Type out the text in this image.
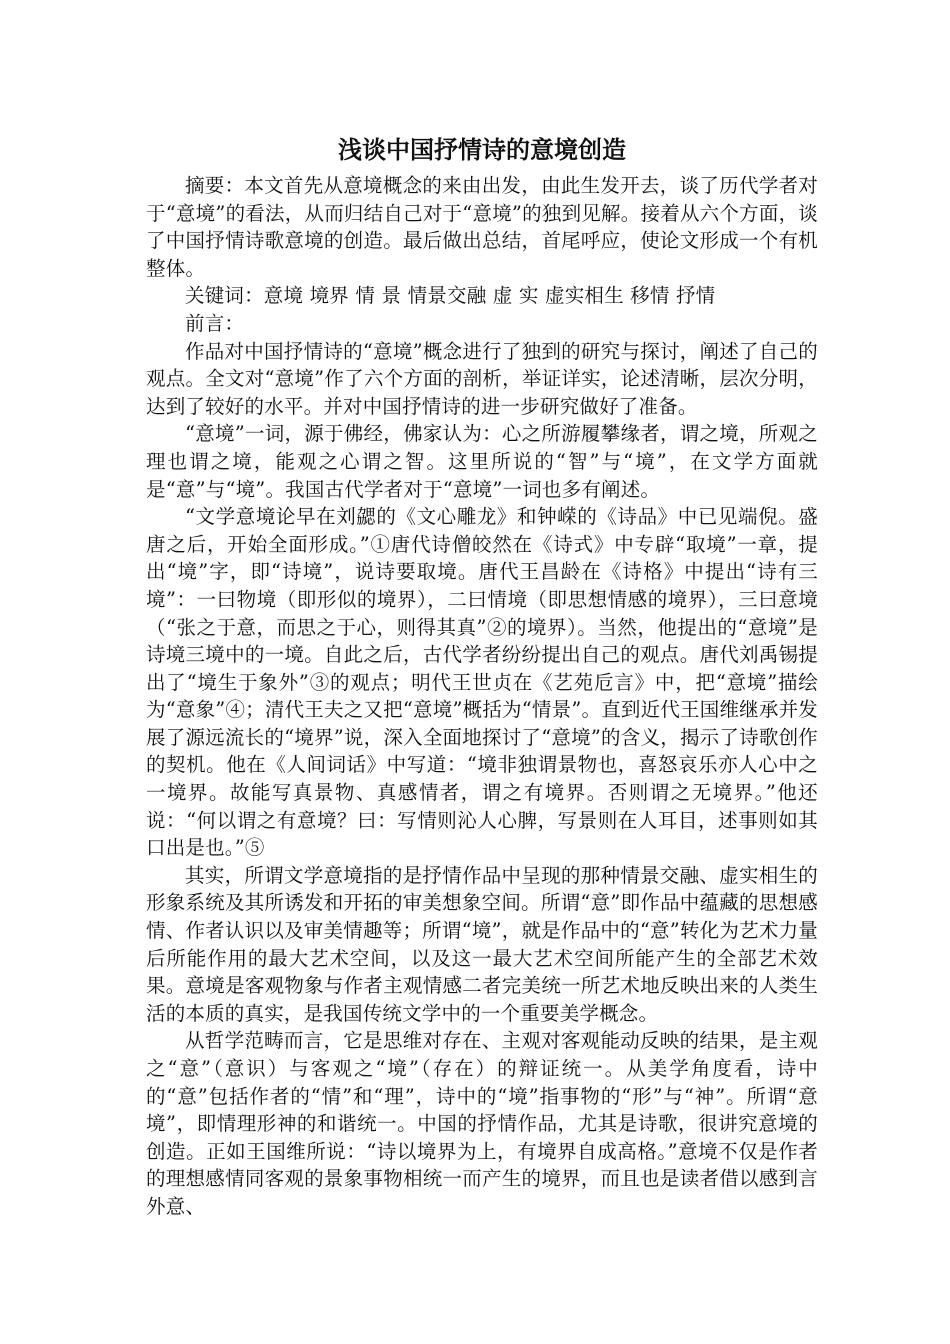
浅谈中国抒情诗的意境创造

摘要：本文首先从意境概念的来由出发，由此生发开去，谈了历代学者对于“意境”的看法，从而归结自己对于“意境”的独到见解。接着从六个方面，谈了中国抒情诗歌意境的创造。最后做出总结，首尾呼应，使论文形成一个有机整体。

关键词：意境 境界 情 景 情景交融 虚 实 虚实相生 移情 抒情

前言：

作品对中国抒情诗的“意境”概念进行了独到的研究与探讨，阐述了自己的观点。全文对“意境”作了六个方面的剖析，举证详实，论述清晰，层次分明，达到了较好的水平。并对中国抒情诗的进一步研究做好了准备。

“意境”一词，源于佛经，佛家认为：心之所游履攀缘者，谓之境，所观之理也谓之境，能观之心谓之智。这里所说的“智”与“境”，在文学方面就是“意”与“境”。我国古代学者对于“意境”一词也多有阐述。

“文学意境论早在刘勰的《文心雕龙》和钟嵘的《诗品》中已见端倪。盛唐之后，开始全面形成。”①唐代诗僧皎然在《诗式》中专辟“取境”一章，提出“境”字，即“诗境”，说诗要取境。唐代王昌龄在《诗格》中提出“诗有三境”：一曰物境（即形似的境界），二曰情境（即思想情感的境界），三曰意境（“张之于意，而思之于心，则得其真”②的境界）。当然，他提出的“意境”是诗境三境中的一境。自此之后，古代学者纷纷提出自己的观点。唐代刘禹锡提出了“境生于象外”③的观点；明代王世贞在《艺苑卮言》中，把“意境”描绘为“意象”④；清代王夫之又把“意境”概括为“情景”。直到近代王国维继承并发展了源远流长的“境界”说，深入全面地探讨了“意境”的含义，揭示了诗歌创作的契机。他在《人间词话》中写道：“境非独谓景物也，喜怒哀乐亦人心中之一境界。故能写真景物、真感情者，谓之有境界。否则谓之无境界。”他还说：“何以谓之有意境？曰：写情则沁人心脾，写景则在人耳目，述事则如其口出是也。”⑤

其实，所谓文学意境指的是抒情作品中呈现的那种情景交融、虚实相生的形象系统及其所诱发和开拓的审美想象空间。所谓“意”即作品中蕴藏的思想感情、作者认识以及审美情趣等；所谓“境”，就是作品中的“意”转化为艺术力量后所能作用的最大艺术空间，以及这一最大艺术空间所能产生的全部艺术效果。意境是客观物象与作者主观情感二者完美统一所艺术地反映出来的人类生活的本质的真实，是我国传统文学中的一个重要美学概念。

从哲学范畴而言，它是思维对存在、主观对客观能动反映的结果，是主观之“意”（意识）与客观之“境”（存在）的辩证统一。从美学角度看，诗中的“意”包括作者的“情”和“理”，诗中的“境”指事物的“形”与“神”。所谓“意境”，即情理形神的和谐统一。中国的抒情作品，尤其是诗歌，很讲究意境的创造。正如王国维所说：“诗以境界为上，有境界自成高格。”意境不仅是作者的理想感情同客观的景象事物相统一而产生的境界，而且也是读者借以感到言外意、
